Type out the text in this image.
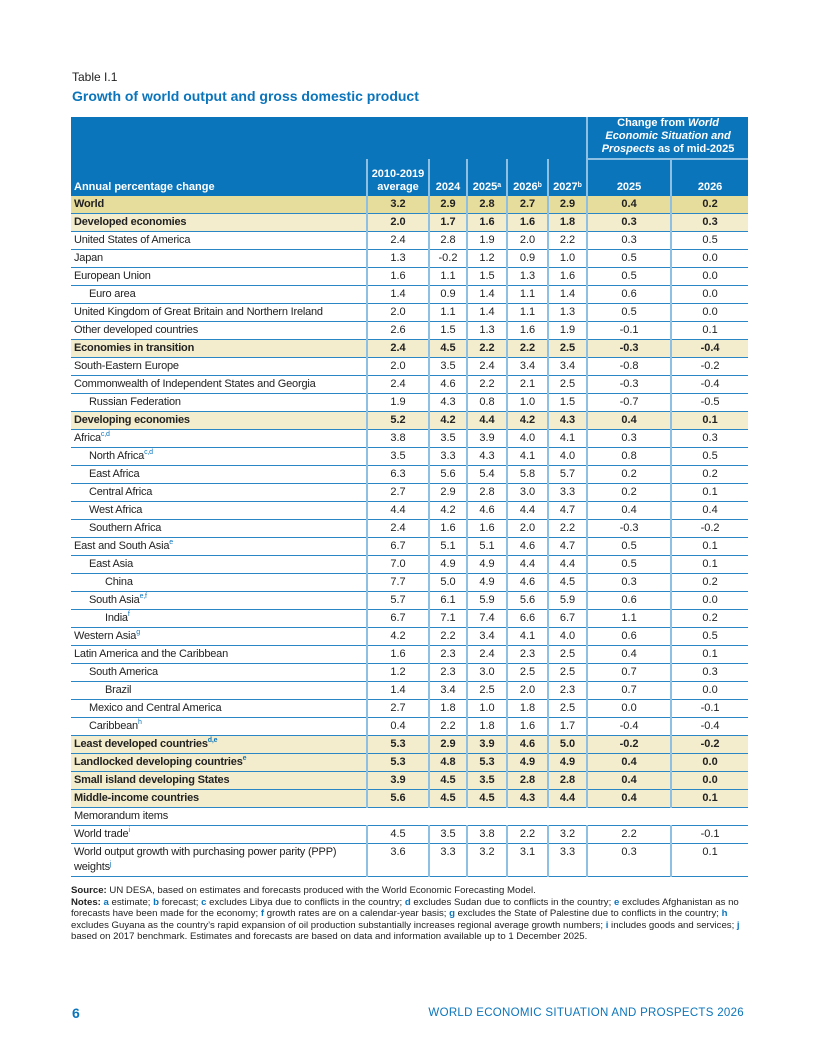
Table I.1
Growth of world output and gross domestic product
						Change from World Economic Situation and Prospects as of mid-2025	
Annual percentage change	2010-2019 average	2024	2025$^a$	2026$^b$	2027$^b$	2025	2026
World	3.2	2.9	2.8	2.7	2.9	0.4	0.2
Developed economies	2.0	1.7	1.6	1.6	1.8	0.3	0.3
United States of America	2.4	2.8	1.9	2.0	2.2	0.3	0.5
Japan	1.3	-0.2	1.2	0.9	1.0	0.5	0.0
European Union	1.6	1.1	1.5	1.3	1.6	0.5	0.0
Euro area	1.4	0.9	1.4	1.1	1.4	0.6	0.0
United Kingdom of Great Britain and Northern Ireland	2.0	1.1	1.4	1.1	1.3	0.5	0.0
Other developed countries	2.6	1.5	1.3	1.6	1.9	-0.1	0.1
Economies in transition	2.4	4.5	2.2	2.2	2.5	-0.3	-0.4
South-Eastern Europe	2.0	3.5	2.4	3.4	3.4	-0.8	-0.2
Commonwealth of Independent States and Georgia	2.4	4.6	2.2	2.1	2.5	-0.3	-0.4
Russian Federation	1.9	4.3	0.8	1.0	1.5	-0.7	-0.5
Developing economies	5.2	4.2	4.4	4.2	4.3	0.4	0.1
Africa$^{c,d}$	3.8	3.5	3.9	4.0	4.1	0.3	0.3
North Africa$^{c,d}$	3.5	3.3	4.3	4.1	4.0	0.8	0.5
East Africa	6.3	5.6	5.4	5.8	5.7	0.2	0.2
Central Africa	2.7	2.9	2.8	3.0	3.3	0.2	0.1
West Africa	4.4	4.2	4.6	4.4	4.7	0.4	0.4
Southern Africa	2.4	1.6	1.6	2.0	2.2	-0.3	-0.2
East and South Asia$^e$	6.7	5.1	5.1	4.6	4.7	0.5	0.1
East Asia	7.0	4.9	4.9	4.4	4.4	0.5	0.1
China	7.7	5.0	4.9	4.6	4.5	0.3	0.2
South Asia$^{e,f}$	5.7	6.1	5.9	5.6	5.9	0.6	0.0
India$^f$	6.7	7.1	7.4	6.6	6.7	1.1	0.2
Western Asia$^g$	4.2	2.2	3.4	4.1	4.0	0.6	0.5
Latin America and the Caribbean	1.6	2.3	2.4	2.3	2.5	0.4	0.1
South America	1.2	2.3	3.0	2.5	2.5	0.7	0.3
Brazil	1.4	3.4	2.5	2.0	2.3	0.7	0.0
Mexico and Central America	2.7	1.8	1.0	1.8	2.5	0.0	-0.1
Caribbean$^h$	0.4	2.2	1.8	1.6	1.7	-0.4	-0.4
Least developed countries$^{d,e}$	5.3	2.9	3.9	4.6	5.0	-0.2	-0.2
Landlocked developing countries$^e$	5.3	4.8	5.3	4.9	4.9	0.4	0.0
Small island developing States	3.9	4.5	3.5	2.8	2.8	0.4	0.0
Middle-income countries	5.6	4.5	4.5	4.3	4.4	0.4	0.1
Memorandum items							
World trade$^i$	4.5	3.5	3.8	2.2	3.2	2.2	-0.1
World output growth with purchasing power parity (PPP) weights$^j$	3.6	3.3	3.2	3.1	3.3	0.3	0.1
Source: UN DESA, based on estimates and forecasts produced with the World Economic Forecasting Model.
Notes: a estimate; b forecast; c excludes Libya due to conflicts in the country; d excludes Sudan due to conflicts in the country; e excludes Afghanistan as no forecasts have been made for the economy; f growth rates are on a calendar-year basis; g excludes the State of Palestine due to conflicts in the country; h excludes Guyana as the country’s rapid expansion of oil production substantially increases regional average growth numbers; i includes goods and services; j based on 2017 benchmark. Estimates and forecasts are based on data and information available up to 1 December 2025.
6	WORLD ECONOMIC SITUATION AND PROSPECTS 2026
